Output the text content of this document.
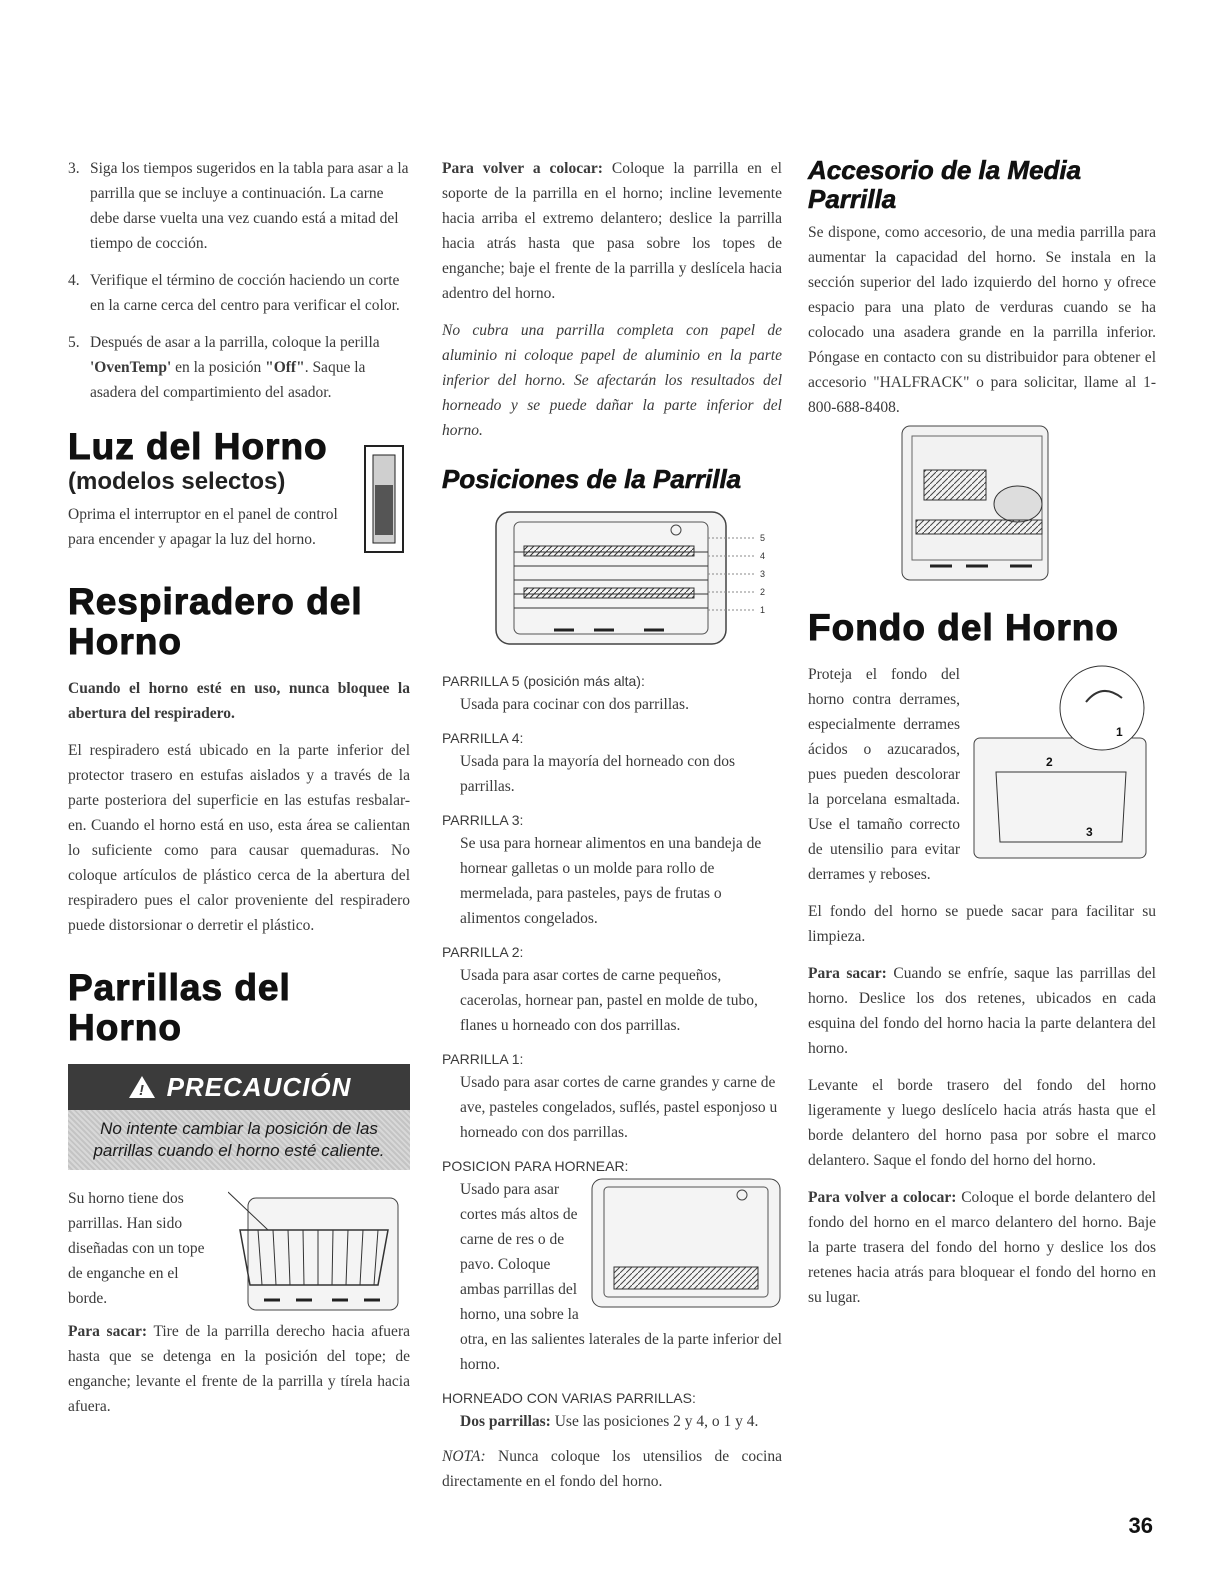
3. Siga los tiempos sugeridos en la tabla para asar a la parrilla que se incluye a continuación. La carne debe darse vuelta una vez cuando está a mitad del tiempo de cocción.
4. Verifique el término de cocción haciendo un corte en la carne cerca del centro para verificar el color.
5. Después de asar a la parrilla, coloque la perilla 'OvenTemp' en la posición "Off". Saque la asadera del compartimiento del asador.
Luz del Horno
(modelos selectos)

Oprima el interruptor en el panel de control para encender y apagar la luz del horno.

Respiradero del Horno

Cuando el horno esté en uso, nunca bloquee la abertura del respiradero.

El respiradero está ubicado en la parte inferior del protector trasero en estufas aislados y a través de la parte posteriora del superficie en las estufas resbalar-en. Cuando el horno está en uso, esta área se calientan lo suficiente como para causar quemaduras. No coloque artículos de plástico cerca de la abertura del respiradero pues el calor proveniente del respiradero puede distorsionar o derretir el plástico.

Parrillas del Horno
! PRECAUCIÓN
No intente cambiar la posición de las parrillas cuando el horno esté caliente.

Su horno tiene dos parrillas. Han sido diseñadas con un tope de enganche en el borde.

Para sacar: Tire de la parrilla derecho hacia afuera hasta que se detenga en la posición del tope; de enganche; levante el frente de la parrilla y tírela hacia afuera.

Para volver a colocar: Coloque la parrilla en el soporte de la parrilla en el horno; incline levemente hacia arriba el extremo delantero; deslice la parrilla hacia atrás hasta que pasa sobre los topes de enganche; baje el frente de la parrilla y deslícela hacia adentro del horno.

No cubra una parrilla completa con papel de aluminio ni coloque papel de aluminio en la parte inferior del horno. Se afectarán los resultados del horneado y se puede dañar la parte inferior del horno.

Posiciones de la Parrilla
5
4
3
2
1
PARRILLA 5 (posición más alta):
Usada para cocinar con dos parrillas.
PARRILLA 4:
Usada para la mayoría del horneado con dos parrillas.
PARRILLA 3:
Se usa para hornear alimentos en una bandeja de hornear galletas o un molde para rollo de mermelada, para pasteles, pays de frutas o alimentos congelados.
PARRILLA 2:
Usada para asar cortes de carne pequeños, cacerolas, hornear pan, pastel en molde de tubo, flanes u horneado con dos parrillas.
PARRILLA 1:
Usado para asar cortes de carne grandes y carne de ave, pasteles congelados, suflés, pastel esponjoso u horneado con dos parrillas.
POSICION PARA HORNEAR:
Usado para asar cortes más altos de carne de res o de pavo. Coloque ambas parrillas del horno, una sobre la otra, en las salientes laterales de la parte inferior del horno.
HORNEADO CON VARIAS PARRILLAS:
Dos parrillas: Use las posiciones 2 y 4, o 1 y 4.

NOTA: Nunca coloque los utensilios de cocina directamente en el fondo del horno.

Accesorio de la Media Parrilla

Se dispone, como accesorio, de una media parrilla para aumentar la capacidad del horno. Se instala en la sección superior del lado izquierdo del horno y ofrece espacio para una plato de verduras cuando se ha colocado una asadera grande en la parrilla inferior. Póngase en contacto con su distribuidor para obtener el accesorio "HALFRACK" o para solicitar, llame al 1-800-688-8408.

Fondo del Horno
2
1
3

Proteja el fondo del horno contra derrames, especialmente derrames ácidos o azucarados, pues pueden descolorar la porcelana esmaltada. Use el tamaño correcto de utensilio para evitar derrames y reboses.

El fondo del horno se puede sacar para facilitar su limpieza.

Para sacar: Cuando se enfríe, saque las parrillas del horno. Deslice los dos retenes, ubicados en cada esquina del fondo del horno hacia la parte delantera del horno.

Levante el borde trasero del fondo del horno ligeramente y luego deslícelo hacia atrás hasta que el borde delantero del horno pasa por sobre el marco delantero. Saque el fondo del horno del horno.

Para volver a colocar: Coloque el borde delantero del fondo del horno en el marco delantero del horno. Baje la parte trasera del fondo del horno y deslice los dos retenes hacia atrás para bloquear el fondo del horno en su lugar.

36
